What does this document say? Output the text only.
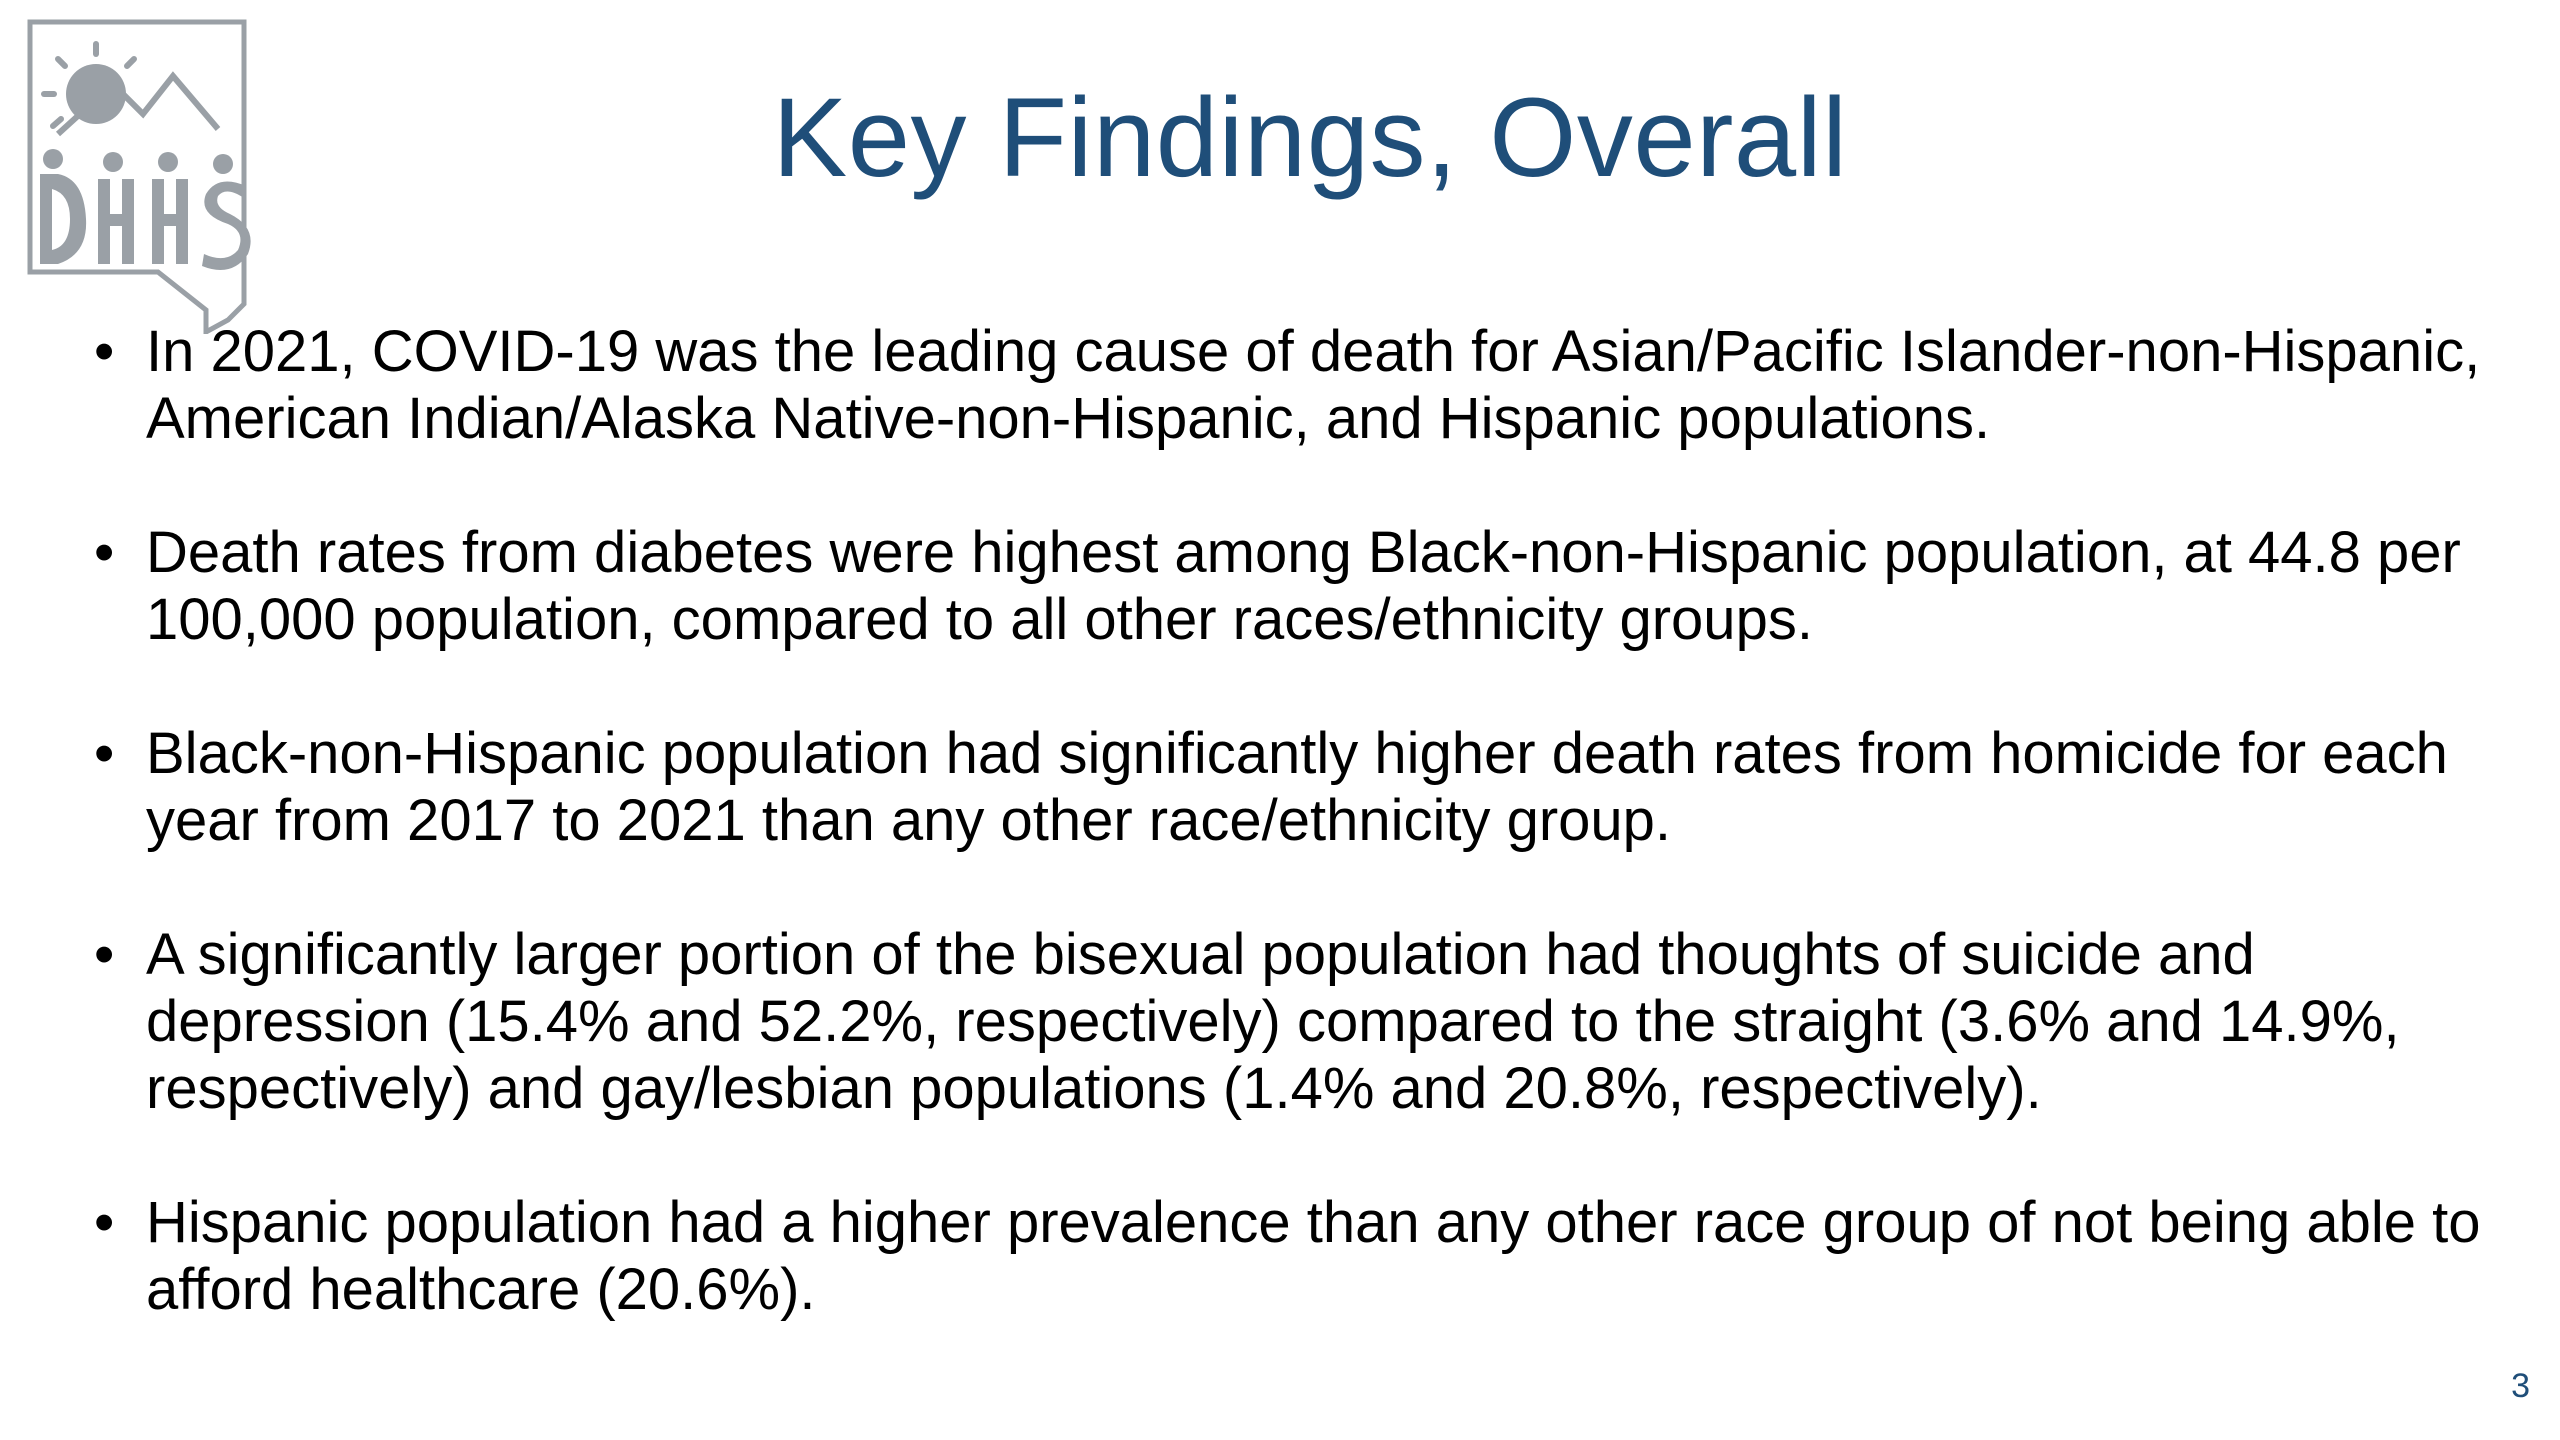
Key Findings, Overall
• In 2021, COVID-19 was the leading cause of death for Asian/Pacific Islander-non-Hispanic, American Indian/Alaska Native-non-Hispanic, and Hispanic populations.
• Death rates from diabetes were highest among Black-non-Hispanic population, at 44.8 per 100,000 population, compared to all other races/ethnicity groups.
• Black-non-Hispanic population had significantly higher death rates from homicide for each year from 2017 to 2021 than any other race/ethnicity group.
• A significantly larger portion of the bisexual population had thoughts of suicide and depression (15.4% and 52.2%, respectively) compared to the straight (3.6% and 14.9%, respectively) and gay/lesbian populations (1.4% and 20.8%, respectively).
• Hispanic population had a higher prevalence than any other race group of not being able to afford healthcare (20.6%).
3
